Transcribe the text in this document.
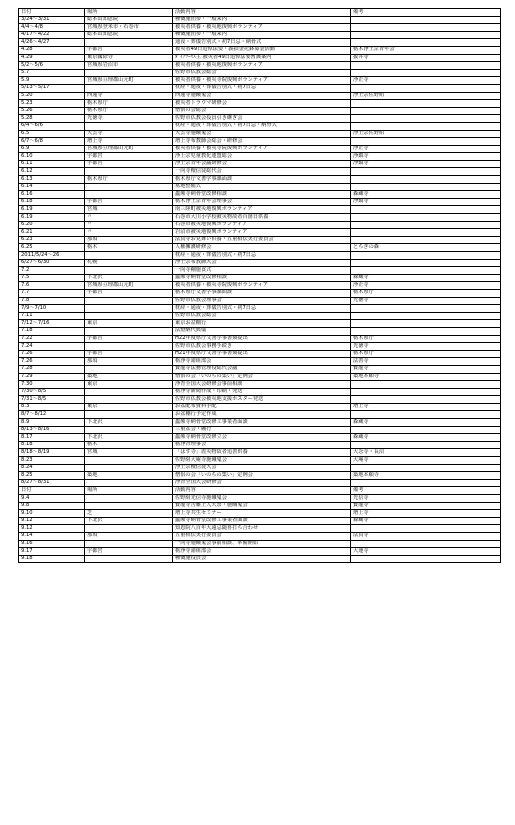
日付	場所	活動内容	備考
3/24～3/31	総本山知恩院	種慨施団参・一般来内	
4/4～4/8	宮城県登米市・石巻市	被災者供養・被災地復興ボランティア	
4/17～4/22	総本山知恩院	種慨施団参・一般来内	
4/26～4/27		通夜・葬儀告別式・初7日忌・納骨式	
4.28	宇都宮	被災者49日追悼法要・義損金托鉢募金活動	栃木浄土宗青年会
4.29	東京國際寺	ﾀﾞｲｱﾂｰﾏｽ主 被災者49日追悼法要暫護案内	抜井寺
5/2～5/6	宮城県岩沼市	被災者供養・被災地復興ボランティア	
5.7		佐野市仏教会総会	
5.9	宮城県亘理郡山元町	被災者供養・被災寺院復興ボランティア	浄正寺
5/13～5/17		枕経・通夜・葬儀告別式・初7日忌	
5.20	西蓮寺	西蓮寺施餓鬼会	浄土宗佐野組
5.23	栃木県庁	被災者トラウマ研修会	
5.26	栃木県庁	僧侶の会総会	
5.28	光徳寺	佐野市仏教会役員引き継ぎ会	
6/4～6/6		枕経・通夜・葬儀告別式・初7日忌・納骨式	
6.5	大雲寺	大雲寺施餓鬼会	浄土宗佐野組
6/7～6/8	増上寺	増上寺布教師会総会・研修会	
6.9	宮城県亘理郡山元町	被災者供養・被災寺院復興ボランティア	浄正寺
6.10	宇都宮	浄土宗児童教化連盟総会	浄鎮寺
6.11	宇都宮	浄土宗青年会議研修会	浄鎮寺
6.12		一向寺檀信徒総代会	
6.13	栃木県庁	栃木県庁文書学事課面談	
6.14		墓地整備式	
6.16		蟲蝕寺納骨堂改修相談	森蔵寺
6.18	宇都宮	栃木浄土宗青年会理事会	浄鎮寺
6.19	宮城	南三陸町被災地復興ボランティア	
6.19	〃	石巻市大川小学校被災物故者百箇日供養	
6.20	〃	石巻市被災地復興ボランティア	
6.21	〃	岩沼市被災地復興ボランティア	
6.23	那須	法真寺お見舞い供養・五重相伝実行委員会	
6.25	栃木	人権擁護研修会	とちぎの森
2011/5/24～26		枕経・通夜・葬儀告別式・初7日忌	
6/27～6/30	札幌	浄土宗布教師大会	
7.2		一向寺棚施食式	
7.5	下北沢	蟲蝕寺納骨堂改修相談	森蔵寺
7.6	宮城県亘理郡山元町	被災者供養・被災寺院復興ボランティア	浄正寺
7.7	宇都宮	栃木県庁文書学事課面談	栃木県庁
7.8		佐野市仏教会理事会	光徳寺
7/9～7/10		枕経・通夜・葬儀告別式・初7日忌	
7.11		佐野市仏教会総会	
7/12～7/16	東京	東京お盆棚行	
7.18		法燈継代典儀	
7.22	宇都宮	H22年度県庁文書学事書類提出	栃木県庁
7.24		佐野市仏教会事務手続き	光徳寺
7.26	宇都宮	H21年度県庁文書学事書類提出	栃木県庁
7.26	那須	栃浄寺諸組部会	法善寺
7.28		寶龍寺法務管理役総代会議	寶龍寺
7.29	築地	僧侶の会「いのちの集い」定例会	築地本願寺
7.30	東京	浄青全国大会研修会事前相談	
7/30～8/5		栃浄寺新聞作成・印刷・発送	
7/31～8/5		佐野市仏教会被災地支援ポスター発送	
8.3	東京	お盆配布資料手配	増上寺
8/7～8/12		お盆棚行予定作成	
8.9	下北沢	蟲蝕寺納骨堂改修工事業者面談	森蔵寺
8/13～8/16		三重盆会・棚行	
8.17	下北沢	蟲蝕寺納骨堂改修立会	森蔵寺
8.18	栃木	栃浄青理事会	
8/18～8/19	宮城	「はす寺」震災物故者追善供養	大念寺・長沼
8.23		佐野組大庵寺施餓鬼会	大庵寺
8.24		浄土宗檀信徒大会	
8.25	築地	僧侶の会「いのちの集い」定例会	築地本願寺
8/27～8/31		浄青全国大会研修会	
日付	場所	活動内容	備考
9.4		佐野組光信寺施餓鬼会	光信寺
9.8		寶龍寺苦難上人大祭・施餓鬼会	寶龍寺
9.10	芝	増上寺共生セミナー	増上寺
9.12	下北沢	蟲蝕寺納骨堂改修工事業者面談	森蔵寺
9.12		知恩院八百年大遠忌随喜打ち合わせ	
9.14	那須	五重相伝実行委員会	法真寺
9.16		一向寺施餓鬼会事前相談、準備開始	
9.17	宇都宮	栃浄寺諸組部会	大運寺
9.18		種慨施役員会	
